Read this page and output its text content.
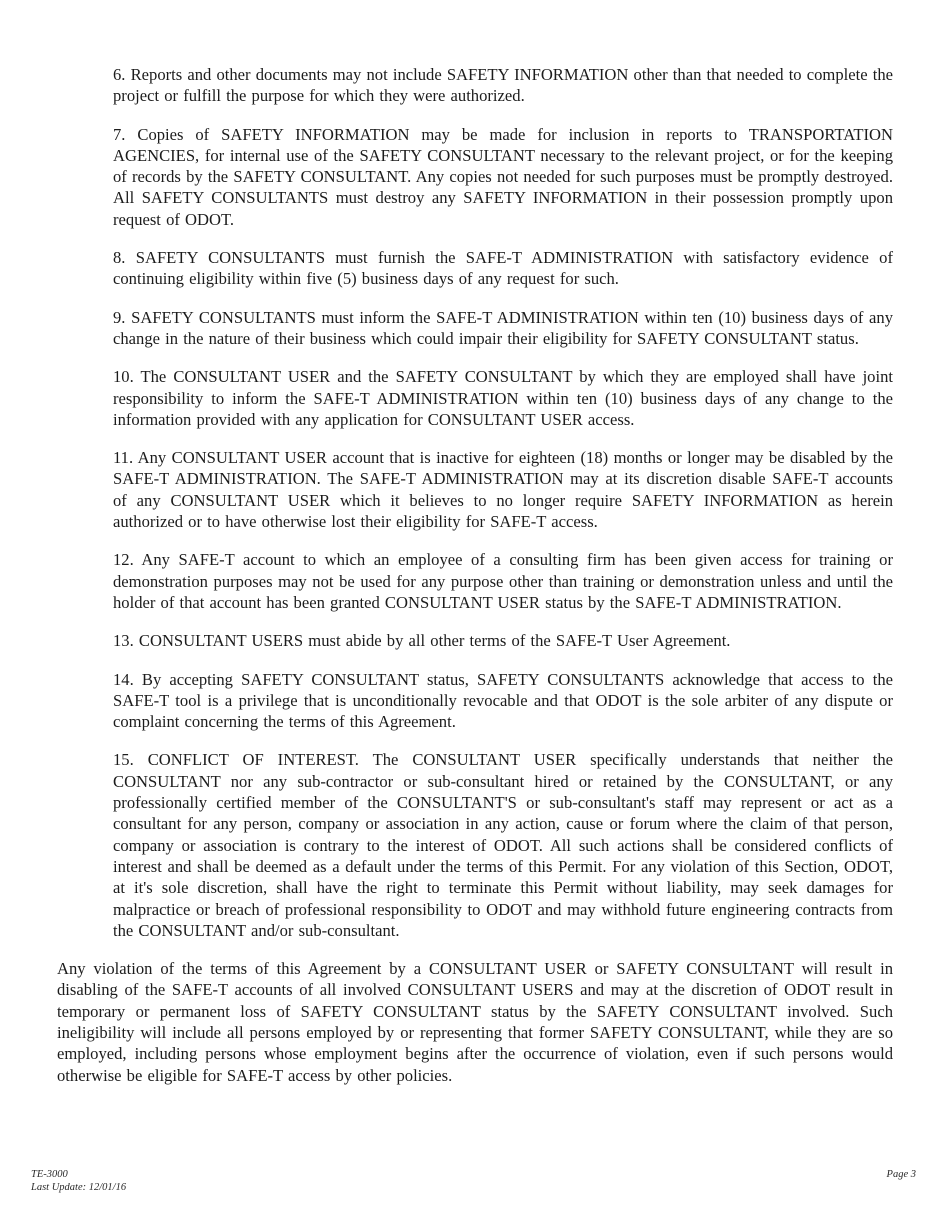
6. Reports and other documents may not include SAFETY INFORMATION other than that needed to complete the project or fulfill the purpose for which they were authorized.

7. Copies of SAFETY INFORMATION may be made for inclusion in reports to TRANSPORTATION AGENCIES, for internal use of the SAFETY CONSULTANT necessary to the relevant project, or for the keeping of records by the SAFETY CONSULTANT. Any copies not needed for such purposes must be promptly destroyed. All SAFETY CONSULTANTS must destroy any SAFETY INFORMATION in their possession promptly upon request of ODOT.

8. SAFETY CONSULTANTS must furnish the SAFE-T ADMINISTRATION with satisfactory evidence of continuing eligibility within five (5) business days of any request for such.

9. SAFETY CONSULTANTS must inform the SAFE-T ADMINISTRATION within ten (10) business days of any change in the nature of their business which could impair their eligibility for SAFETY CONSULTANT status.

10. The CONSULTANT USER and the SAFETY CONSULTANT by which they are employed shall have joint responsibility to inform the SAFE-T ADMINISTRATION within ten (10) business days of any change to the information provided with any application for CONSULTANT USER access.

11. Any CONSULTANT USER account that is inactive for eighteen (18) months or longer may be disabled by the SAFE-T ADMINISTRATION. The SAFE-T ADMINISTRATION may at its discretion disable SAFE-T accounts of any CONSULTANT USER which it believes to no longer require SAFETY INFORMATION as herein authorized or to have otherwise lost their eligibility for SAFE-T access.

12. Any SAFE-T account to which an employee of a consulting firm has been given access for training or demonstration purposes may not be used for any purpose other than training or demonstration unless and until the holder of that account has been granted CONSULTANT USER status by the SAFE-T ADMINISTRATION.

13. CONSULTANT USERS must abide by all other terms of the SAFE-T User Agreement.

14. By accepting SAFETY CONSULTANT status, SAFETY CONSULTANTS acknowledge that access to the SAFE-T tool is a privilege that is unconditionally revocable and that ODOT is the sole arbiter of any dispute or complaint concerning the terms of this Agreement.

15. CONFLICT OF INTEREST. The CONSULTANT USER specifically understands that neither the CONSULTANT nor any sub-contractor or sub-consultant hired or retained by the CONSULTANT, or any professionally certified member of the CONSULTANT'S or sub-consultant's staff may represent or act as a consultant for any person, company or association in any action, cause or forum where the claim of that person, company or association is contrary to the interest of ODOT. All such actions shall be considered conflicts of interest and shall be deemed as a default under the terms of this Permit. For any violation of this Section, ODOT, at it's sole discretion, shall have the right to terminate this Permit without liability, may seek damages for malpractice or breach of professional responsibility to ODOT and may withhold future engineering contracts from the CONSULTANT and/or sub-consultant.

Any violation of the terms of this Agreement by a CONSULTANT USER or SAFETY CONSULTANT will result in disabling of the SAFE-T accounts of all involved CONSULTANT USERS and may at the discretion of ODOT result in temporary or permanent loss of SAFETY CONSULTANT status by the SAFETY CONSULTANT involved. Such ineligibility will include all persons employed by or representing that former SAFETY CONSULTANT, while they are so employed, including persons whose employment begins after the occurrence of violation, even if such persons would otherwise be eligible for SAFE-T access by other policies.

TE-3000
Last Update: 12/01/16
Page 3
